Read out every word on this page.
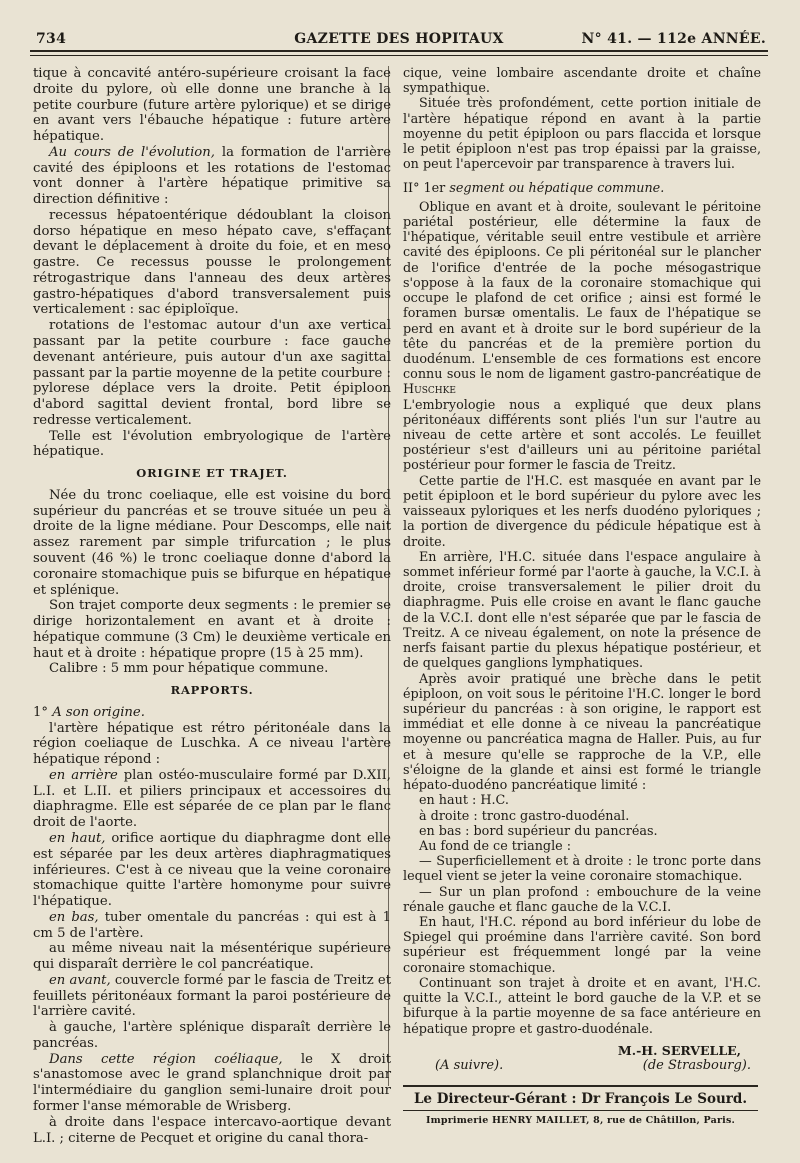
734	GAZETTE DES HOPITAUX	N° 41. — 112e ANNÉE.

tique à concavité antéro-supérieure croisant la face droite du pylore, où elle donne une branche à la petite courbure (future artère pylorique) et se dirige en avant vers l'ébauche hépatique : future artère hépatique.

Au cours de l'évolution, la formation de l'arrière cavité des épiploons et les rotations de l'estomac vont donner à l'artère hépatique primitive sa direction définitive :

recessus hépatoentérique dédoublant la cloison dorso hépatique en meso hépato cave, s'effaçant devant le déplacement à droite du foie, et en meso gastre. Ce recessus pousse le prolongement rétrogastrique dans l'anneau des deux artères gastro-hépatiques d'abord transversalement puis verticalement : sac épiploïque.

rotations de l'estomac autour d'un axe vertical passant par la petite courbure : face gauche devenant antérieure, puis autour d'un axe sagittal passant par la partie moyenne de la petite courbure : pylorese déplace vers la droite. Petit épiploon d'abord sagittal devient frontal, bord libre se redresse verticalement.

Telle est l'évolution embryologique de l'artère hépatique.

ORIGINE ET TRAJET.

Née du tronc coeliaque, elle est voisine du bord supérieur du pancréas et se trouve située un peu à droite de la ligne médiane. Pour Descomps, elle nait assez rarement par simple trifurcation ; le plus souvent (46 %) le tronc coeliaque donne d'abord la coronaire stomachique puis se bifurque en hépatique et splénique.

Son trajet comporte deux segments : le premier se dirige horizontalement en avant et à droite : hépatique commune (3 Cm) le deuxième verticale en haut et à droite : hépatique propre (15 à 25 mm).

Calibre : 5 mm pour hépatique commune.

RAPPORTS.

1° A son origine.

l'artère hépatique est rétro péritonéale dans la région coeliaque de Luschka. A ce niveau l'artère hépatique répond :

en arrière plan ostéo-musculaire formé par D.XII, L.I. et L.II. et piliers principaux et accessoires du diaphragme. Elle est séparée de ce plan par le flanc droit de l'aorte.

en haut, orifice aortique du diaphragme dont elle est séparée par les deux artères diaphragmatiques inférieures. C'est à ce niveau que la veine coronaire stomachique quitte l'artère homonyme pour suivre l'hépatique.

en bas, tuber omentale du pancréas : qui est à 1 cm 5 de l'artère.

au même niveau nait la mésentérique supérieure qui disparaît derrière le col pancréatique.

en avant, couvercle formé par le fascia de Treitz et feuillets péritonéaux formant la paroi postérieure de l'arrière cavité.

à gauche, l'artère splénique disparaît derrière le pancréas.

Dans cette région coéliaque, le X droit s'anastomose avec le grand splanchnique droit par l'intermédiaire du ganglion semi-lunaire droit pour former l'anse mémorable de Wrisberg.

à droite dans l'espace intercavo-aortique devant L.I. ; citerne de Pecquet et origine du canal thora-

cique, veine lombaire ascendante droite et chaîne sympathique.

Située très profondément, cette portion initiale de l'artère hépatique répond en avant à la partie moyenne du petit épiploon ou pars flaccida et lorsque le petit épiploon n'est pas trop épaissi par la graisse, on peut l'apercevoir par transparence à travers lui.

II° 1er segment ou hépatique commune.

Oblique en avant et à droite, soulevant le péritoine pariétal postérieur, elle détermine la faux de l'hépatique, véritable seuil entre vestibule et arrière cavité des épiploons. Ce pli péritonéal sur le plancher de l'orifice d'entrée de la poche mésogastrique s'oppose à la faux de la coronaire stomachique qui occupe le plafond de cet orifice ; ainsi est formé le foramen bursæ omentalis. Le faux de l'hépatique se perd en avant et à droite sur le bord supérieur de la tête du pancréas et de la première portion du duodénum. L'ensemble de ces formations est encore connu sous le nom de ligament gastro-pancréatique de Huschke

L'embryologie nous a expliqué que deux plans péritonéaux différents sont pliés l'un sur l'autre au niveau de cette artère et sont accolés. Le feuillet postérieur s'est d'ailleurs uni au péritoine pariétal postérieur pour former le fascia de Treitz.

Cette partie de l'H.C. est masquée en avant par le petit épiploon et le bord supérieur du pylore avec les vaisseaux pyloriques et les nerfs duodéno pyloriques ; la portion de divergence du pédicule hépatique est à droite.

En arrière, l'H.C. située dans l'espace angulaire à sommet inférieur formé par l'aorte à gauche, la V.C.I. à droite, croise transversalement le pilier droit du diaphragme. Puis elle croise en avant le flanc gauche de la V.C.I. dont elle n'est séparée que par le fascia de Treitz. A ce niveau également, on note la présence de nerfs faisant partie du plexus hépatique postérieur, et de quelques ganglions lymphatiques.

Après avoir pratiqué une brèche dans le petit épiploon, on voit sous le péritoine l'H.C. longer le bord supérieur du pancréas : à son origine, le rapport est immédiat et elle donne à ce niveau la pancréatique moyenne ou pancréatica magna de Haller. Puis, au fur et à mesure qu'elle se rapproche de la V.P., elle s'éloigne de la glande et ainsi est formé le triangle hépato-duodéno pancréatique limité :

en haut : H.C.

à droite : tronc gastro-duodénal.

en bas : bord supérieur du pancréas.

Au fond de ce triangle :

— Superficiellement et à droite : le tronc porte dans lequel vient se jeter la veine coronaire stomachique.

— Sur un plan profond : embouchure de la veine rénale gauche et flanc gauche de la V.C.I.

En haut, l'H.C. répond au bord inférieur du lobe de Spiegel qui proémine dans l'arrière cavité. Son bord supérieur est fréquemment longé par la veine coronaire stomachique.

Continuant son trajet à droite et en avant, l'H.C. quitte la V.C.I., atteint le bord gauche de la V.P. et se bifurque à la partie moyenne de sa face antérieure en hépatique propre et gastro-duodénale.

M.-H. SERVELLE,
(A suivre).	(de Strasbourg).
Le Directeur-Gérant : Dr François Le Sourd.
Imprimerie HENRY MAILLET, 8, rue de Châtillon, Paris.
